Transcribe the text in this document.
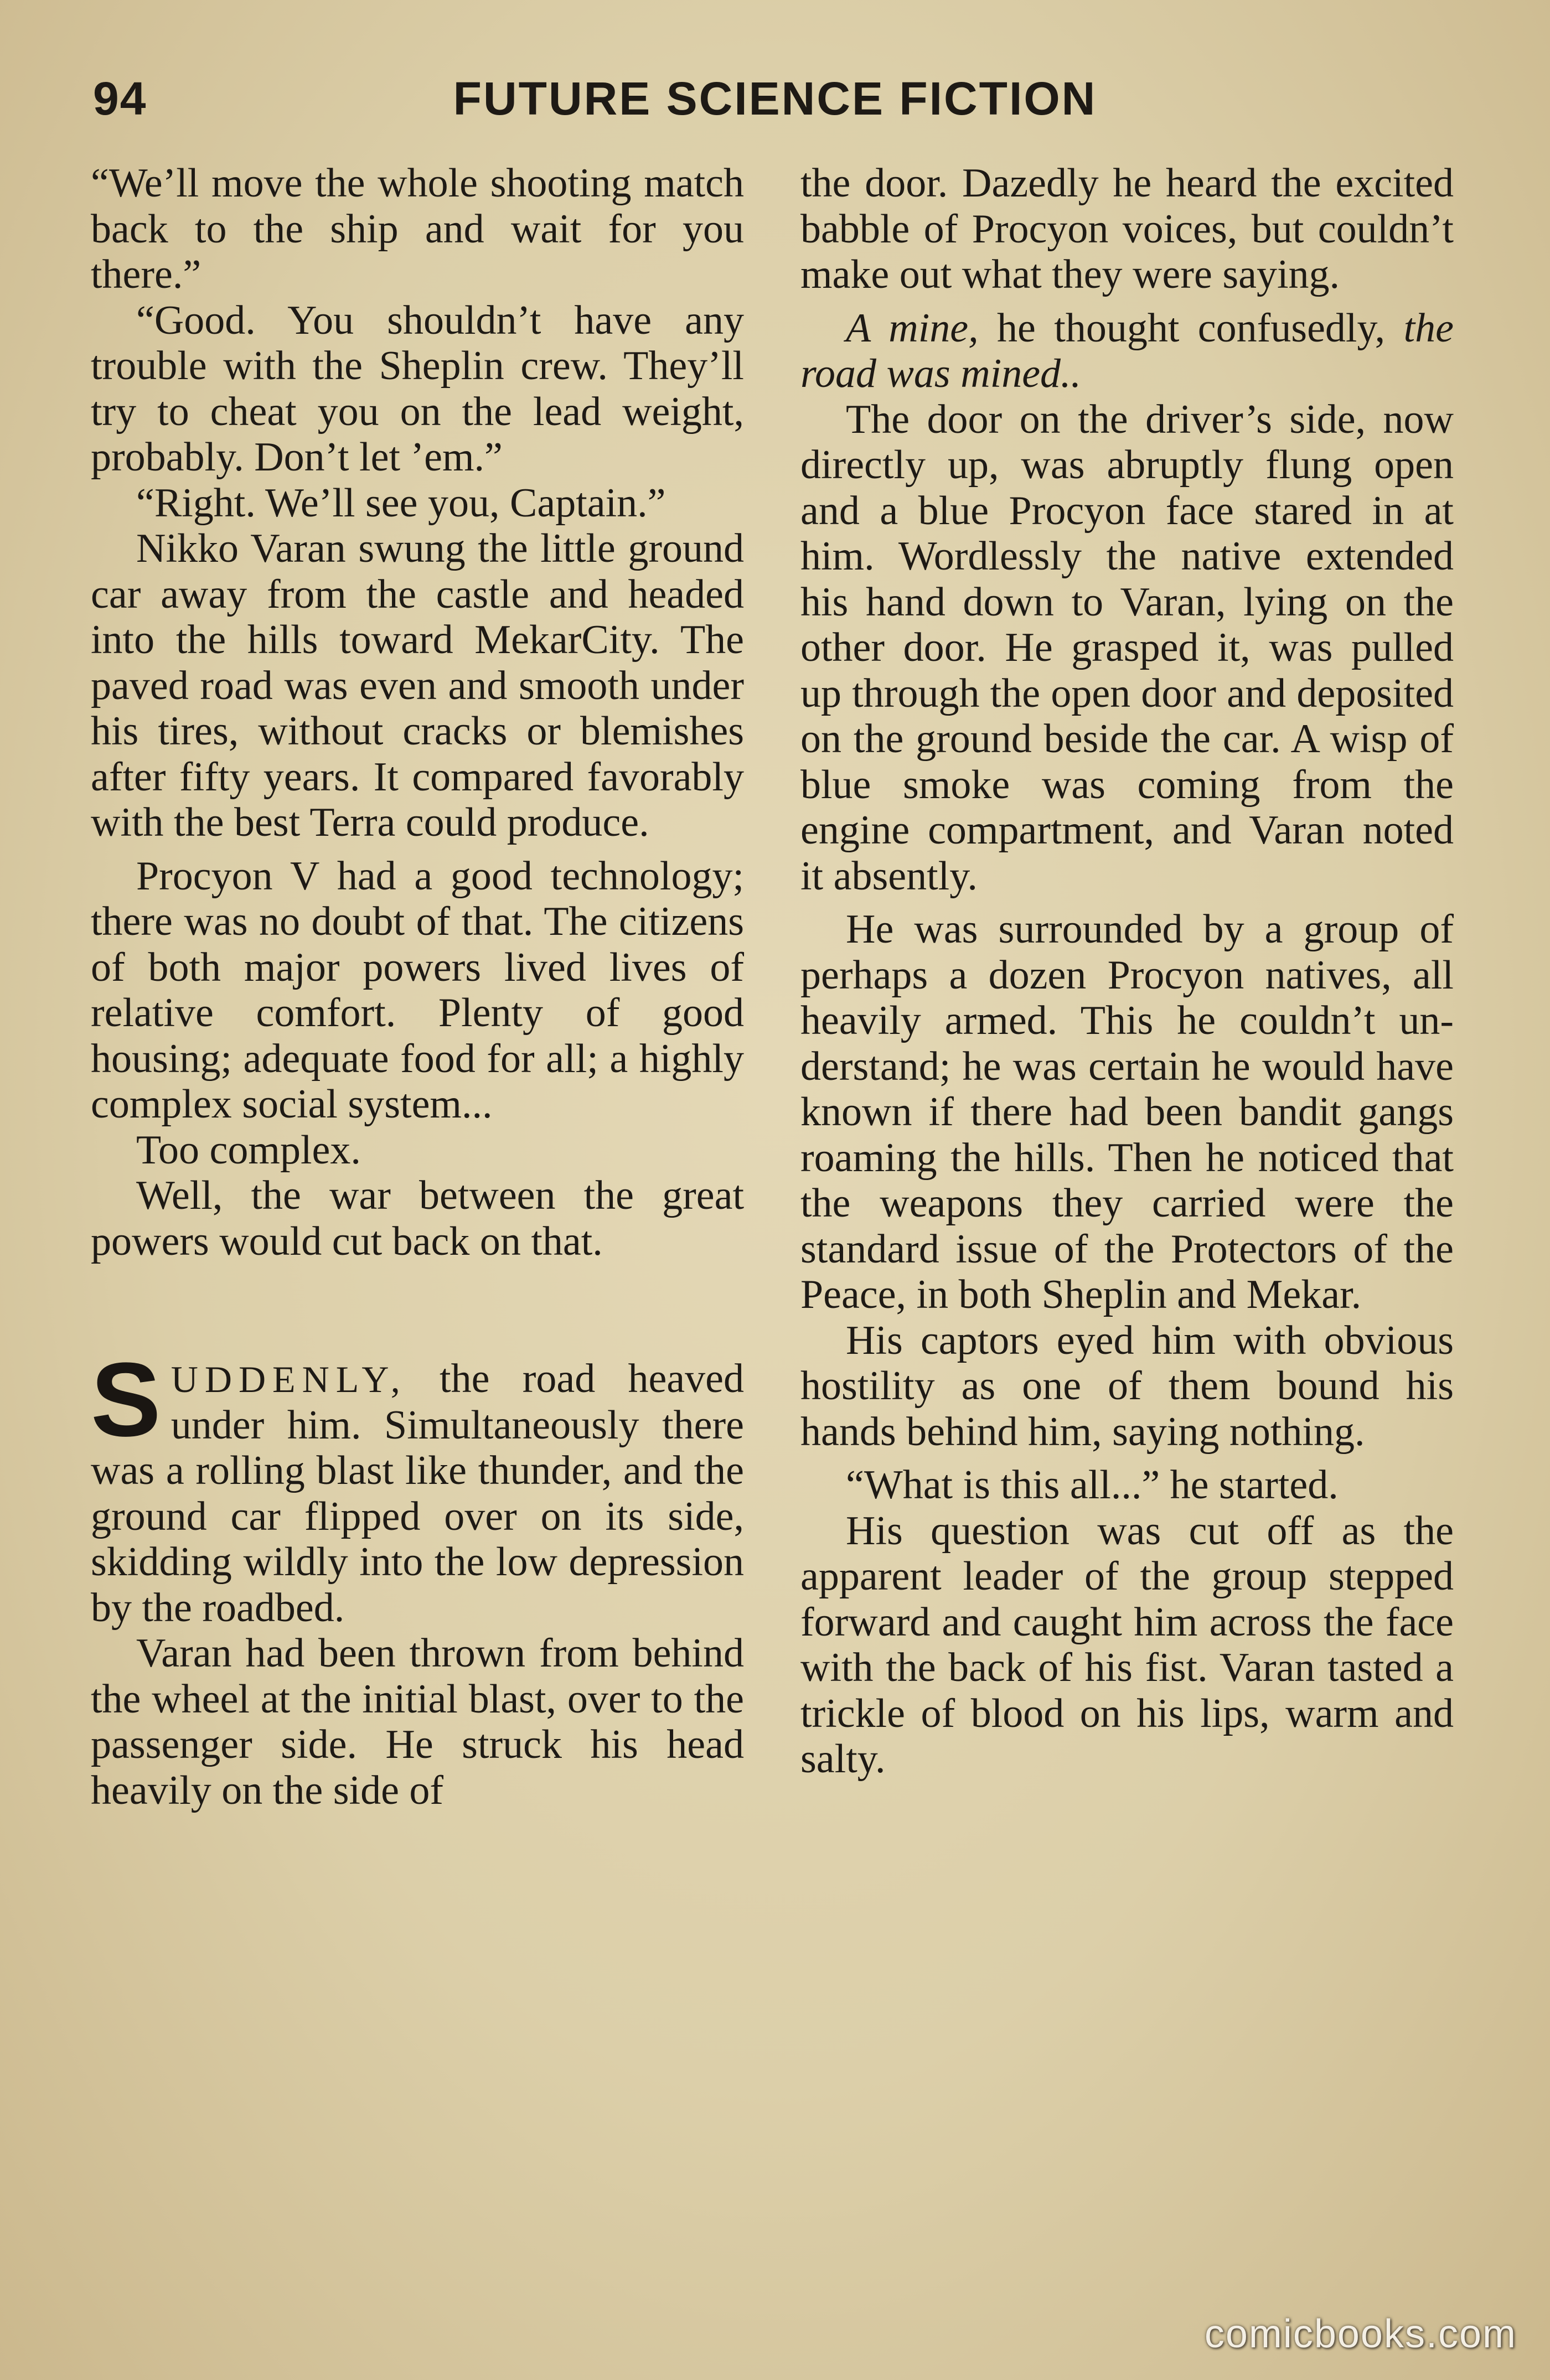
FUTURE SCIENCE FICTION
94

“We’ll move the whole shooting match back to the ship and wait for you there.”

“Good. You shouldn’t have any trouble with the Sheplin crew. They’ll try to cheat you on the lead weight, probably. Don’t let ’em.”

“Right. We’ll see you, Captain.”

Nikko Varan swung the little ground car away from the castle and headed into the hills toward MekarCity. The paved road was even and smooth under his tires, without cracks or blemishes after fifty years. It compared favorably with the best Terra could produce.

Procyon V had a good technology; there was no doubt of that. The citizens of both major powers lived lives of relative comfort. Plenty of good housing; adequate food for all; a highly complex social system...

Too complex.

Well, the war between the great powers would cut back on that.

SUDDENLY, the road heaved under him. Simultaneously there was a rolling blast like thunder, and the ground car flipped over on its side, skidding wildly into the low depression by the roadbed.

Varan had been thrown from behind the wheel at the initial blast, over to the passenger side. He struck his head heavily on the side of

the door. Dazedly he heard the excited babble of Procyon voices, but couldn’t make out what they were saying.

A mine, he thought confusedly, the road was mined..

The door on the driver’s side, now directly up, was abruptly flung open and a blue Procyon face stared in at him. Wordlessly the native extended his hand down to Varan, lying on the other door. He grasped it, was pulled up through the open door and deposited on the ground beside the car. A wisp of blue smoke was coming from the engine compartment, and Varan noted it absently.

He was surrounded by a group of perhaps a dozen Procyon natives, all heavily armed. This he couldn’t understand; he was certain he would have known if there had been bandit gangs roaming the hills. Then he noticed that the weapons they carried were the standard issue of the Protectors of the Peace, in both Sheplin and Mekar.

His captors eyed him with obvious hostility as one of them bound his hands behind him, saying nothing.

“What is this all...” he started.

His question was cut off as the apparent leader of the group stepped forward and caught him across the face with the back of his fist. Varan tasted a trickle of blood on his lips, warm and salty.

comicbooks.com
